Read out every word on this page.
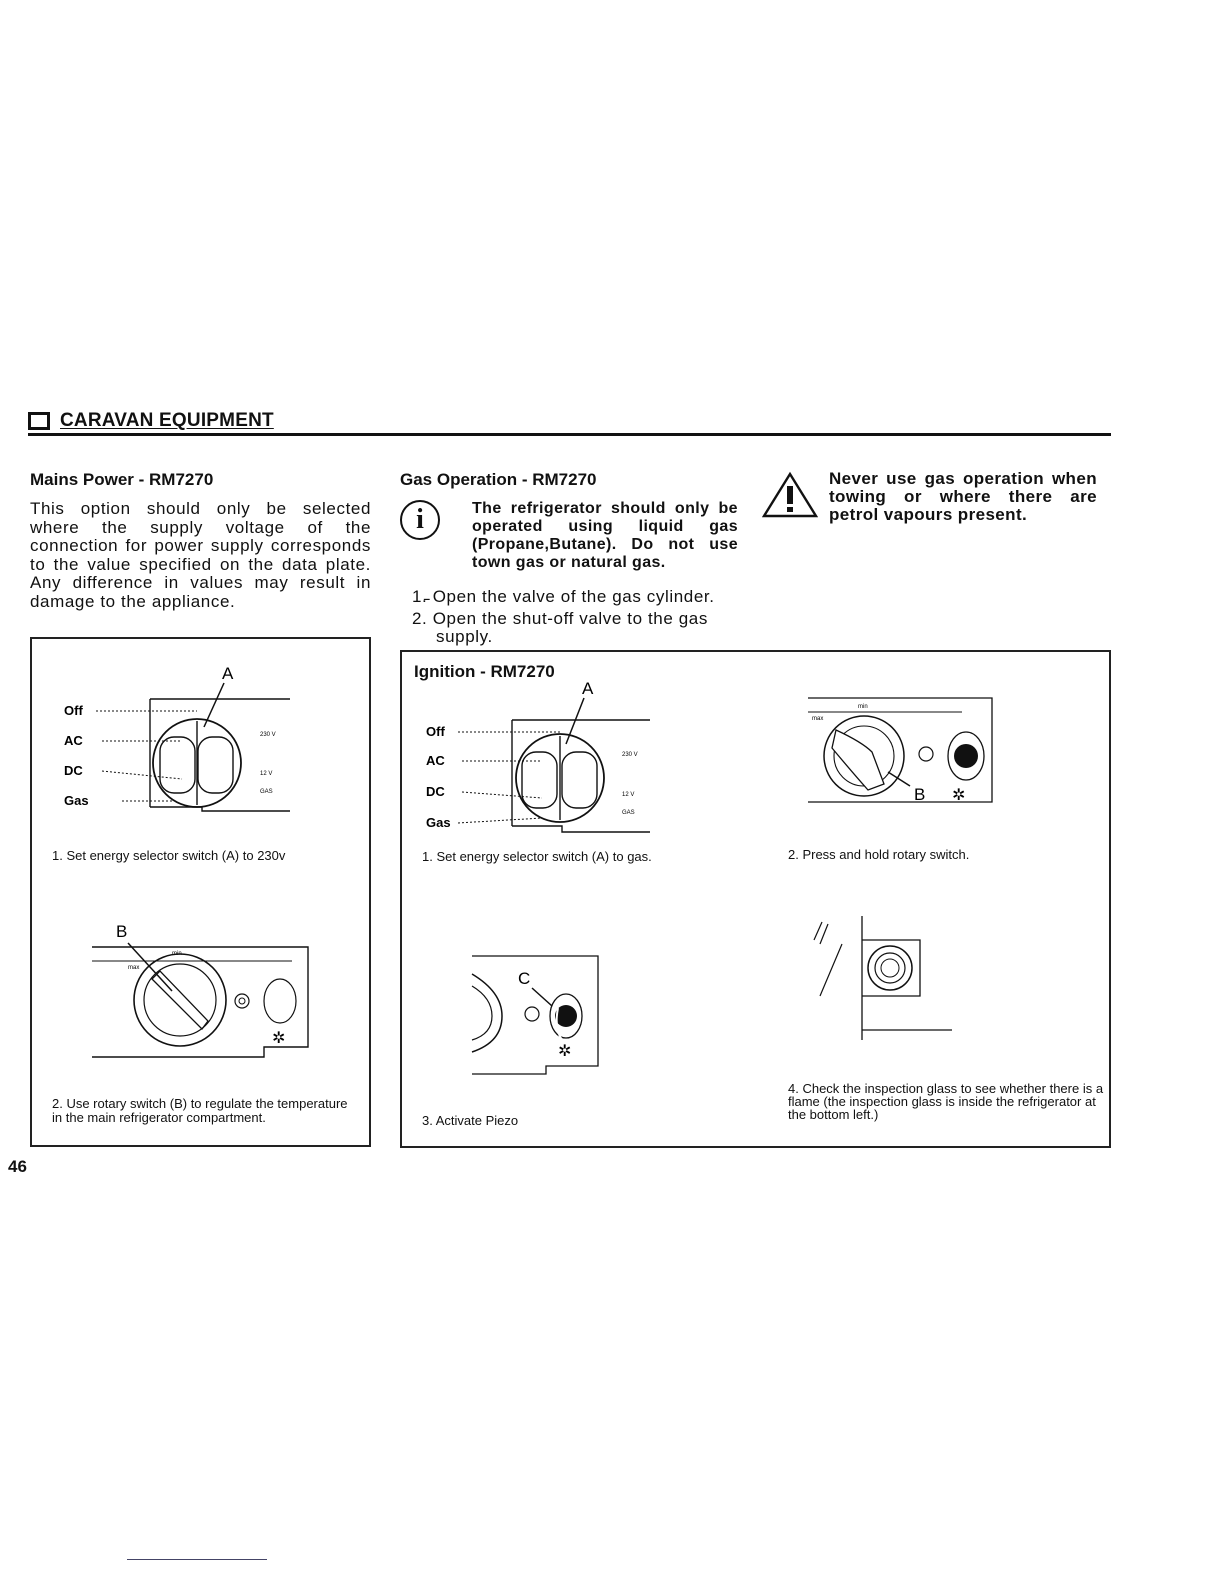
CARAVAN EQUIPMENT
Mains Power - RM7270
This option should only be selected where the supply voltage of the connection for power supply corresponds to the value specified on the data plate. Any difference in values may result in damage to the appliance.
A
Off
AC
DC
Gas
230 V
12 V
GAS
1. Set energy selector switch (A) to 230v
B
min
max
✲
2. Use rotary switch (B) to regulate the temperature in the main refrigerator compartment.
Gas Operation - RM7270
i	The refrigerator should only be operated using liquid gas (Propane,Butane). Do not use town gas or natural gas.
1.̵ Open the valve of the gas cylinder.
2. Open the shut-off valve to the gas supply.
Never use gas operation when towing or where there are petrol vapours present.
Ignition - RM7270
A
Off
AC
DC
Gas
230 V
12 V
GAS
1. Set energy selector switch (A) to gas.
min
max
B ✲
2. Press and hold rotary switch.
C
✲
3. Activate Piezo
4. Check the inspection glass to see whether there is a flame (the inspection glass is inside the refrigerator at the bottom left.)
46
